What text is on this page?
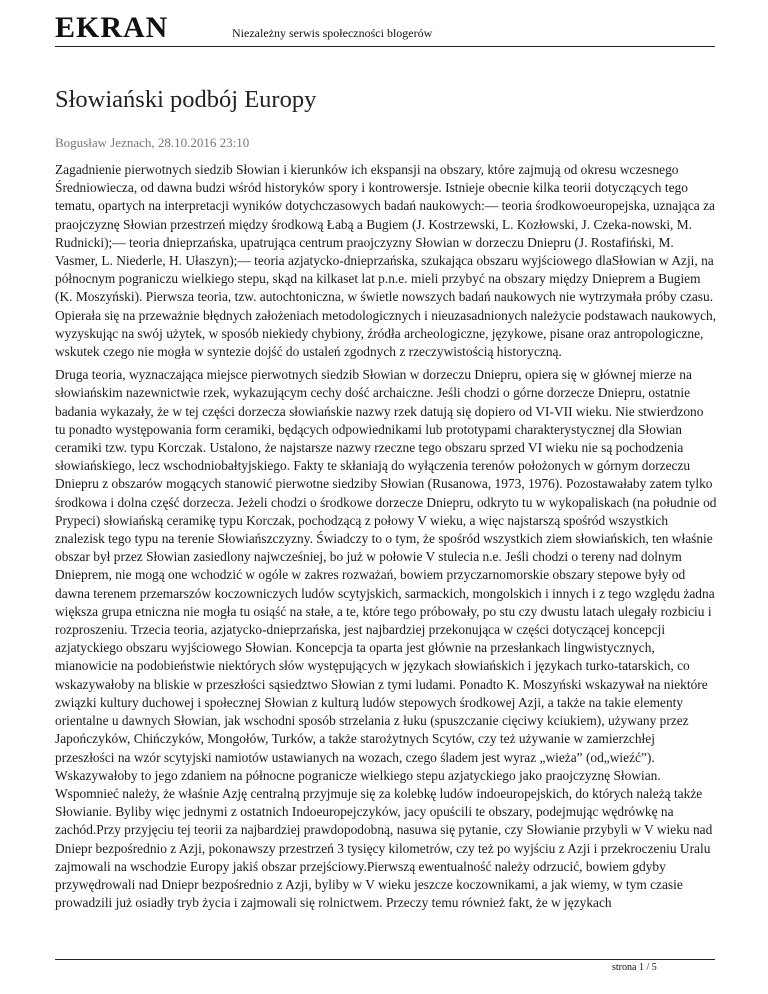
EKRAN	Niezależny serwis społeczności blogerów
Słowiański podbój Europy
Bogusław Jeznach, 28.10.2016 23:10

Zagadnienie pierwotnych siedzib Słowian i kierunków ich ekspansji na obszary, które zajmują od okresu wczesnego Średniowiecza, od dawna budzi wśród historyków spory i kontrowersje. Istnieje obecnie kilka teorii dotyczących tego tematu, opartych na interpretacji wyników dotychczasowych badań naukowych:— teoria środkowoeuropejska, uznająca za praojczyznę Słowian przestrzeń między środkową Łabą a Bugiem (J. Kostrzewski, L. Kozłowski, J. Czeka-nowski, M. Rudnicki);— teoria dnieprzańska, upatrująca centrum praojczyzny Słowian w dorzeczu Dniepru (J. Rostafiński, M. Vasmer, L. Niederle, H. Ułaszyn);— teoria azjatycko-dnieprzańska, szukająca obszaru wyjściowego dlaSłowian w Azji, na północnym pograniczu wielkiego stepu, skąd na kilkaset lat p.n.e. mieli przybyć na obszary między Dnieprem a Bugiem (K. Moszyński). Pierwsza teoria, tzw. autochtoniczna, w świetle nowszych badań naukowych nie wytrzymała próby czasu. Opierała się na przeważnie błędnych założeniach metodologicznych i nieuzasadnionych należycie podstawach naukowych, wyzyskując na swój użytek, w sposób niekiedy chybiony, źródła archeologiczne, językowe, pisane oraz antropologiczne, wskutek czego nie mogła w syntezie dojść do ustaleń zgodnych z rzeczywistością historyczną.

Druga teoria, wyznaczająca miejsce pierwotnych siedzib Słowian w dorzeczu Dniepru, opiera się w głównej mierze na słowiańskim nazewnictwie rzek, wykazującym cechy dość archaiczne. Jeśli chodzi o górne dorzecze Dniepru, ostatnie badania wykazały, że w tej części dorzecza słowiańskie nazwy rzek datują się dopiero od VI-VII wieku. Nie stwierdzono tu ponadto występowania form ceramiki, będących odpowiednikami lub prototypami charakterystycznej dla Słowian ceramiki tzw. typu Korczak. Ustalono, że najstarsze nazwy rzeczne tego obszaru sprzed VI wieku nie są pochodzenia słowiańskiego, lecz wschodniobałtyjskiego. Fakty te skłaniają do wyłączenia terenów położonych w górnym dorzeczu Dniepru z obszarów mogących stanowić pierwotne siedziby Słowian (Rusanowa, 1973, 1976). Pozostawałaby zatem tylko środkowa i dolna część dorzecza. Jeżeli chodzi o środkowe dorzecze Dniepru, odkryto tu w wykopaliskach (na południe od Prypeci) słowiańską ceramikę typu Korczak, pochodzącą z połowy V wieku, a więc najstarszą spośród wszystkich znalezisk tego typu na terenie Słowiańszczyzny. Świadczy to o tym, że spośród wszystkich ziem słowiańskich, ten właśnie obszar był przez Słowian zasiedlony najwcześniej, bo już w połowie V stulecia n.e. Jeśli chodzi o tereny nad dolnym Dnieprem, nie mogą one wchodzić w ogóle w zakres rozważań, bowiem przyczarnomorskie obszary stepowe były od dawna terenem przemarszów koczowniczych ludów scytyjskich, sarmackich, mongolskich i innych i z tego względu żadna większa grupa etniczna nie mogła tu osiąść na stałe, a te, które tego próbowały, po stu czy dwustu latach ulegały rozbiciu i rozproszeniu. Trzecia teoria, azjatycko-dnieprzańska, jest najbardziej przekonująca w części dotyczącej koncepcji azjatyckiego obszaru wyjściowego Słowian. Koncepcja ta oparta jest głównie na przesłankach lingwistycznych, mianowicie na podobieństwie niektórych słów występujących w językach słowiańskich i językach turko-tatarskich, co wskazywałoby na bliskie w przeszłości sąsiedztwo Słowian z tymi ludami. Ponadto K. Moszyński wskazywał na niektóre związki kultury duchowej i społecznej Słowian z kulturą ludów stepowych środkowej Azji, a także na takie elementy orientalne u dawnych Słowian, jak wschodni sposób strzelania z łuku (spuszczanie cięciwy kciukiem), używany przez Japończyków, Chińczyków, Mongołów, Turków, a także starożytnych Scytów, czy też używanie w zamierzchłej przeszłości na wzór scytyjski namiotów ustawianych na wozach, czego śladem jest wyraz „wieża” (od„wieźć”). Wskazywałoby to jego zdaniem na północne pogranicze wielkiego stepu azjatyckiego jako praojczyznę Słowian. Wspomnieć należy, że właśnie Azję centralną przyjmuje się za kolebkę ludów indoeuropejskich, do których należą także Słowianie. Byliby więc jednymi z ostatnich Indoeuropejczyków, jacy opuścili te obszary, podejmując wędrówkę na zachód.Przy przyjęciu tej teorii za najbardziej prawdopodobną, nasuwa się pytanie, czy Słowianie przybyli w V wieku nad Dniepr bezpośrednio z Azji, pokonawszy przestrzeń 3 tysięcy kilometrów, czy też po wyjściu z Azji i przekroczeniu Uralu zajmowali na wschodzie Europy jakiś obszar przejściowy.Pierwszą ewentualność należy odrzucić, bowiem gdyby przywędrowali nad Dniepr bezpośrednio z Azji, byliby w V wieku jeszcze koczownikami, a jak wiemy, w tym czasie prowadzili już osiadły tryb życia i zajmowali się rolnictwem. Przeczy temu również fakt, że w językach

strona 1 / 5
